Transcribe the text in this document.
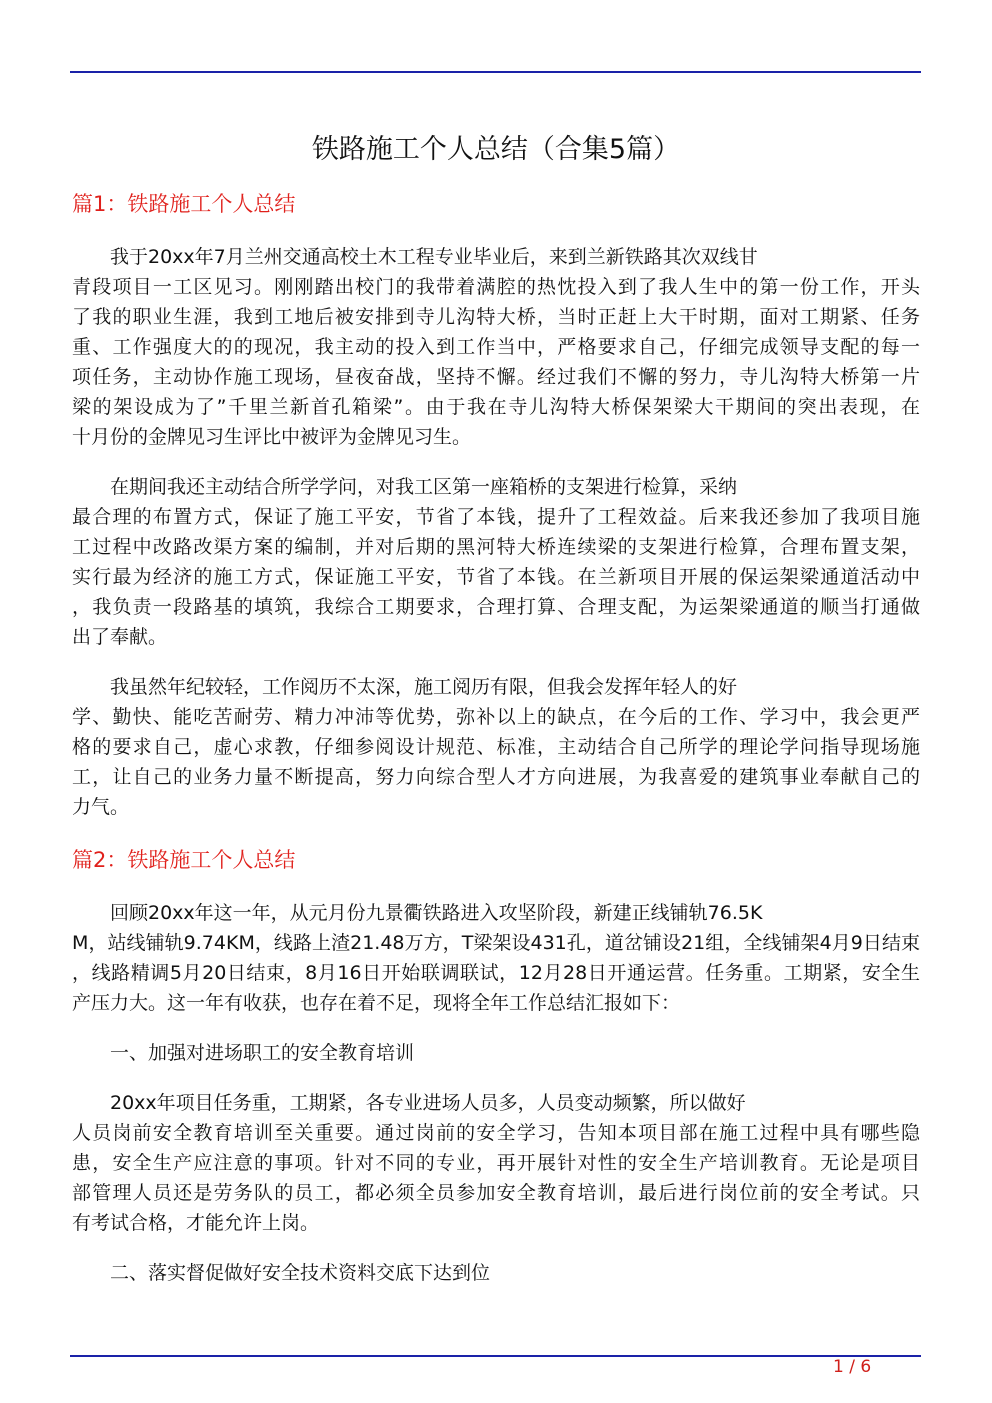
铁路施工个人总结（合集5篇）
篇1：铁路施工个人总结
我于20xx年7月兰州交通高校土木工程专业毕业后，来到兰新铁路其次双线甘
青段项目一工区见习。刚刚踏出校门的我带着满腔的热忱投入到了我人生中的第一份工作，开头
了我的职业生涯，我到工地后被安排到寺儿沟特大桥，当时正赶上大干时期，面对工期紧、任务
重、工作强度大的的现况，我主动的投入到工作当中，严格要求自己，仔细完成领导支配的每一
项任务，主动协作施工现场，昼夜奋战，坚持不懈。经过我们不懈的努力，寺儿沟特大桥第一片
梁的架设成为了”千里兰新首孔箱梁”。由于我在寺儿沟特大桥保架梁大干期间的突出表现，在
十月份的金牌见习生评比中被评为金牌见习生。
在期间我还主动结合所学学问，对我工区第一座箱桥的支架进行检算，采纳
最合理的布置方式，保证了施工平安，节省了本钱，提升了工程效益。后来我还参加了我项目施
工过程中改路改渠方案的编制，并对后期的黑河特大桥连续梁的支架进行检算，合理布置支架，
实行最为经济的施工方式，保证施工平安，节省了本钱。在兰新项目开展的保运架梁通道活动中
，我负责一段路基的填筑，我综合工期要求，合理打算、合理支配，为运架梁通道的顺当打通做
出了奉献。
我虽然年纪较轻，工作阅历不太深，施工阅历有限，但我会发挥年轻人的好
学、勤快、能吃苦耐劳、精力冲沛等优势，弥补以上的缺点，在今后的工作、学习中，我会更严
格的要求自己，虚心求教，仔细参阅设计规范、标准，主动结合自己所学的理论学问指导现场施
工，让自己的业务力量不断提高，努力向综合型人才方向进展，为我喜爱的建筑事业奉献自己的
力气。
篇2：铁路施工个人总结
回顾20xx年这一年，从元月份九景衢铁路进入攻坚阶段，新建正线铺轨76.5K
M，站线铺轨9.74KM，线路上渣21.48万方，T梁架设431孔，道岔铺设21组，全线铺架4月9日结束
，线路精调5月20日结束，8月16日开始联调联试，12月28日开通运营。任务重。工期紧，安全生
产压力大。这一年有收获，也存在着不足，现将全年工作总结汇报如下：
一、加强对进场职工的安全教育培训
20xx年项目任务重，工期紧，各专业进场人员多，人员变动频繁，所以做好
人员岗前安全教育培训至关重要。通过岗前的安全学习，告知本项目部在施工过程中具有哪些隐
患，安全生产应注意的事项。针对不同的专业，再开展针对性的安全生产培训教育。无论是项目
部管理人员还是劳务队的员工，都必须全员参加安全教育培训，最后进行岗位前的安全考试。只
有考试合格，才能允许上岗。
二、落实督促做好安全技术资料交底下达到位
1 / 6
